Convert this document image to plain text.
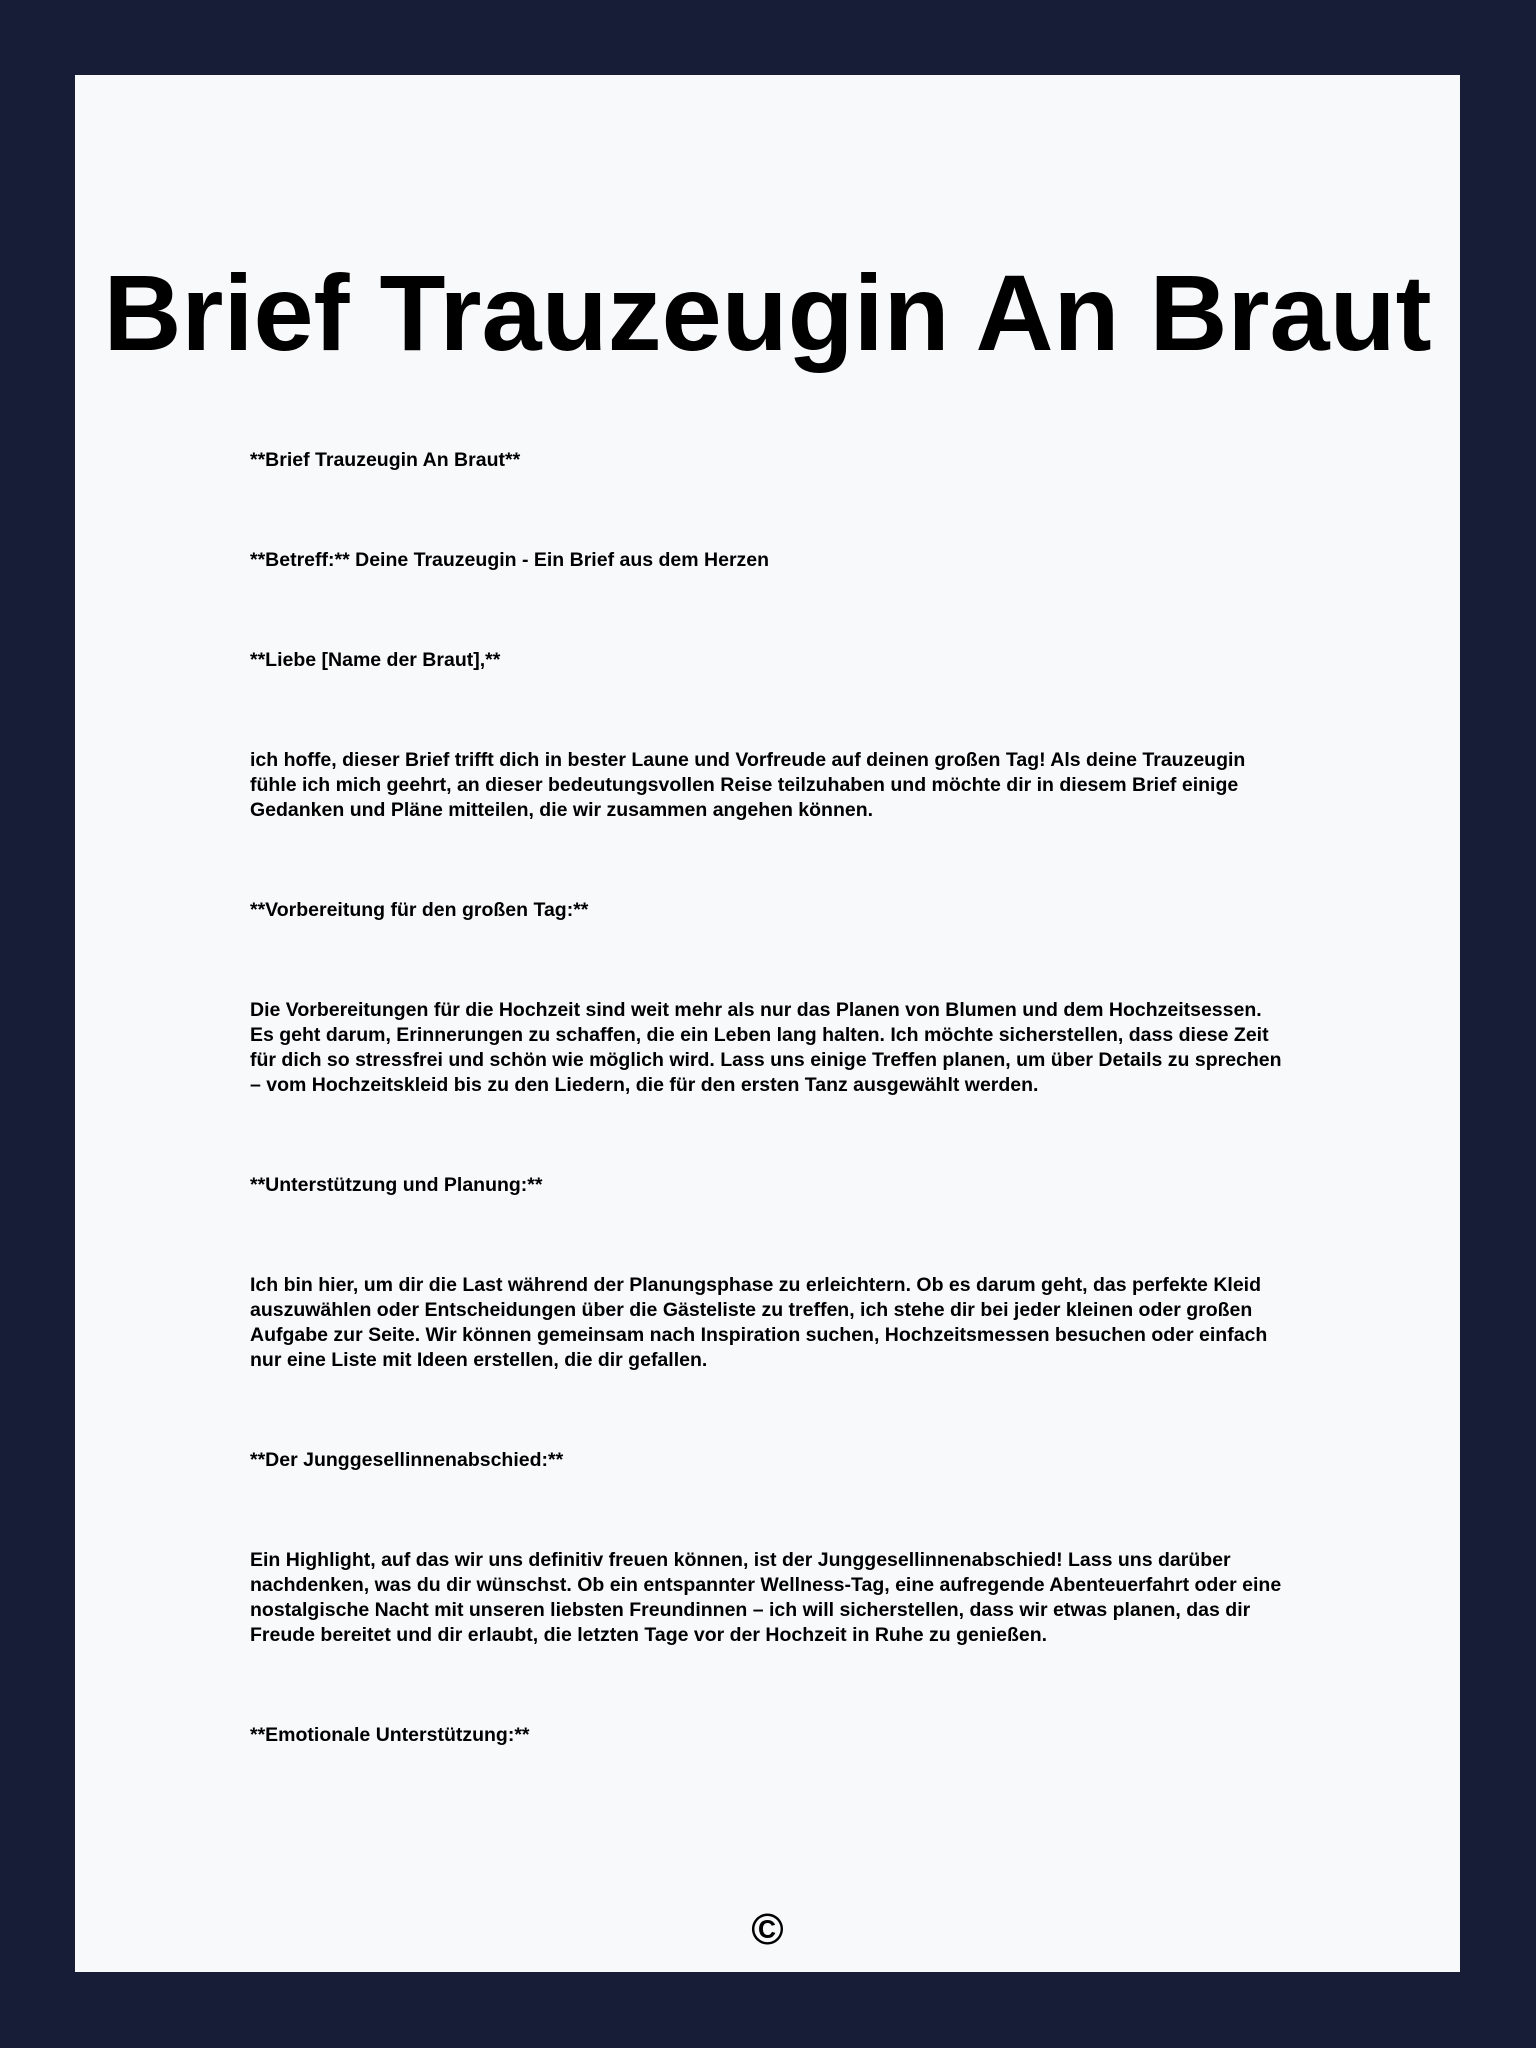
Brief Trauzeugin An Braut

**Brief Trauzeugin An Braut**

**Betreff:** Deine Trauzeugin - Ein Brief aus dem Herzen

**Liebe [Name der Braut],**

ich hoffe, dieser Brief trifft dich in bester Laune und Vorfreude auf deinen großen Tag! Als deine Trauzeugin fühle ich mich geehrt, an dieser bedeutungsvollen Reise teilzuhaben und möchte dir in diesem Brief einige Gedanken und Pläne mitteilen, die wir zusammen angehen können.

**Vorbereitung für den großen Tag:**

Die Vorbereitungen für die Hochzeit sind weit mehr als nur das Planen von Blumen und dem Hochzeitsessen. Es geht darum, Erinnerungen zu schaffen, die ein Leben lang halten. Ich möchte sicherstellen, dass diese Zeit für dich so stressfrei und schön wie möglich wird. Lass uns einige Treffen planen, um über Details zu sprechen – vom Hochzeitskleid bis zu den Liedern, die für den ersten Tanz ausgewählt werden.

**Unterstützung und Planung:**

Ich bin hier, um dir die Last während der Planungsphase zu erleichtern. Ob es darum geht, das perfekte Kleid auszuwählen oder Entscheidungen über die Gästeliste zu treffen, ich stehe dir bei jeder kleinen oder großen Aufgabe zur Seite. Wir können gemeinsam nach Inspiration suchen, Hochzeitsmessen besuchen oder einfach nur eine Liste mit Ideen erstellen, die dir gefallen.

**Der Junggesellinnenabschied:**

Ein Highlight, auf das wir uns definitiv freuen können, ist der Junggesellinnenabschied! Lass uns darüber nachdenken, was du dir wünschst. Ob ein entspannter Wellness-Tag, eine aufregende Abenteuerfahrt oder eine nostalgische Nacht mit unseren liebsten Freundinnen – ich will sicherstellen, dass wir etwas planen, das dir Freude bereitet und dir erlaubt, die letzten Tage vor der Hochzeit in Ruhe zu genießen.

**Emotionale Unterstützung:**

©
